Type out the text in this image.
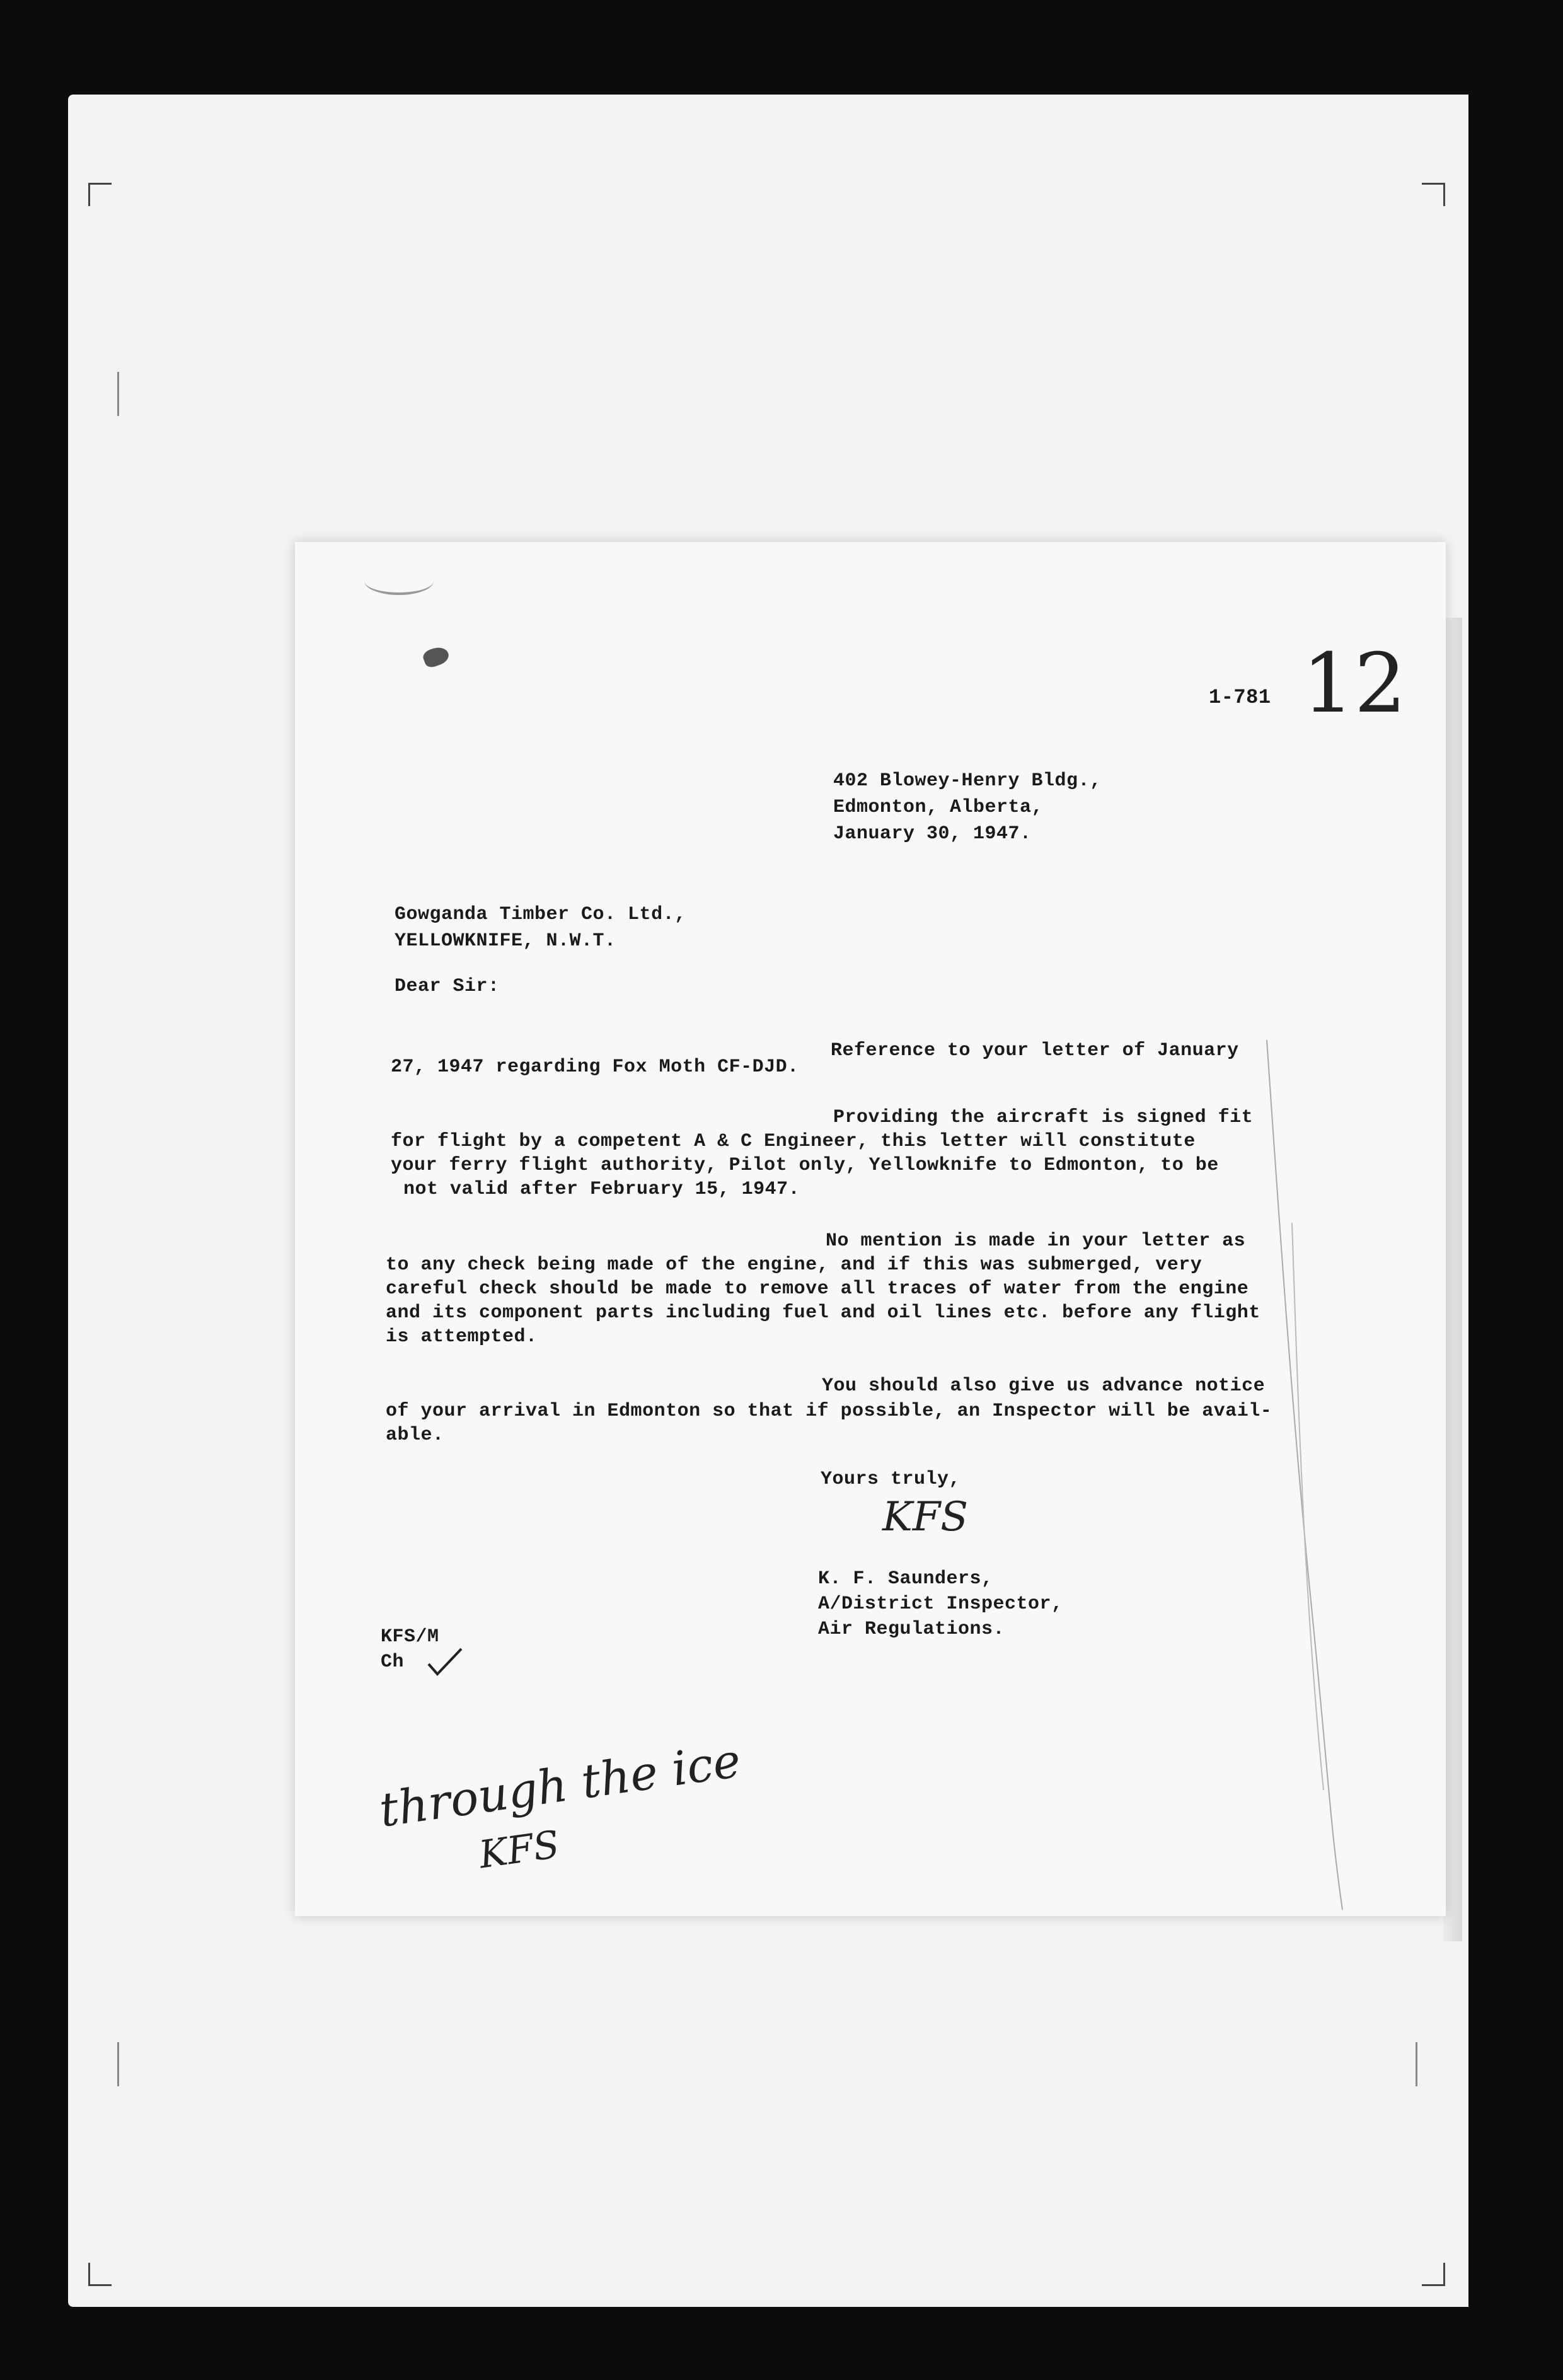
1-781 12
402 Blowey-Henry Bldg.,
Edmonton, Alberta,
January 30, 1947.
Gowganda Timber Co. Ltd.,
YELLOWKNIFE, N.W.T.
Dear Sir:
Reference to your letter of January
27, 1947 regarding Fox Moth CF-DJD.
Providing the aircraft is signed fit
for flight by a competent A & C Engineer, this letter will constitute
your ferry flight authority, Pilot only, Yellowknife to Edmonton, to be
not valid after February 15, 1947.
No mention is made in your letter as
to any check being made of the engine, and if this was submerged, very
careful check should be made to remove all traces of water from the engine
and its component parts including fuel and oil lines etc. before any flight
is attempted.
You should also give us advance notice
of your arrival in Edmonton so that if possible, an Inspector will be avail-
able.
Yours truly,
KFS
K. F. Saunders,
A/District Inspector,
Air Regulations.
KFS/M
Ch
through the ice
KFS
